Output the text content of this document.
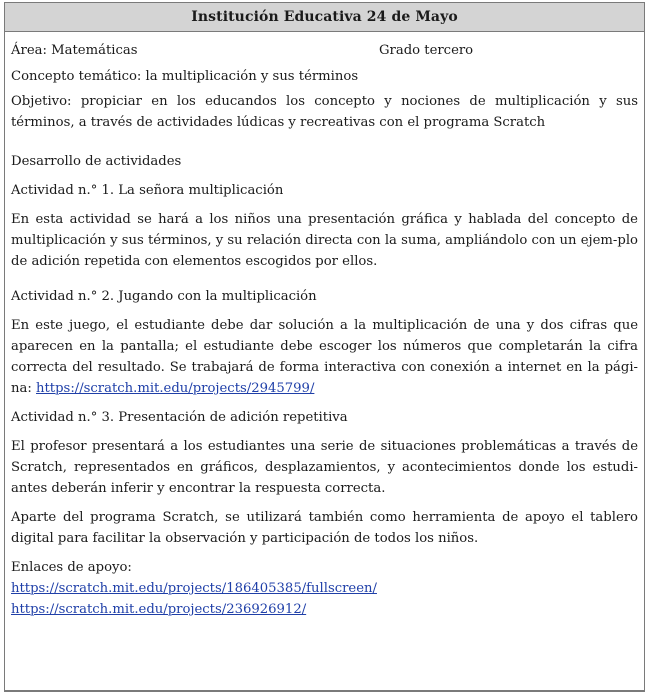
Institución Educativa 24 de Mayo
Área: Matemáticas	Grado tercero
Concepto temático: la multiplicación y sus términos
Objetivo: propiciar en los educandos los concepto y nociones de multiplicación y sus términos, a través de actividades lúdicas y recreativas con el programa Scratch
Desarrollo de actividades
Actividad n.° 1. La señora multiplicación
En esta actividad se hará a los niños una presentación gráfica y hablada del concepto de multiplicación y sus términos, y su relación directa con la suma, ampliándolo con un ejem-plo de adición repetida con elementos escogidos por ellos.
Actividad n.° 2. Jugando con la multiplicación
En este juego, el estudiante debe dar solución a la multiplicación de una y dos cifras que aparecen en la pantalla; el estudiante debe escoger los números que completarán la cifra correcta del resultado. Se trabajará de forma interactiva con conexión a internet en la pági-na: https://scratch.mit.edu/projects/2945799/
Actividad n.° 3. Presentación de adición repetitiva
El profesor presentará a los estudiantes una serie de situaciones problemáticas a través de Scratch, representados en gráficos, desplazamientos, y acontecimientos donde los estudi-antes deberán inferir y encontrar la respuesta correcta.
Aparte del programa Scratch, se utilizará también como herramienta de apoyo el tablero digital para facilitar la observación y participación de todos los niños.
Enlaces de apoyo:
https://scratch.mit.edu/projects/186405385/fullscreen/
https://scratch.mit.edu/projects/236926912/
